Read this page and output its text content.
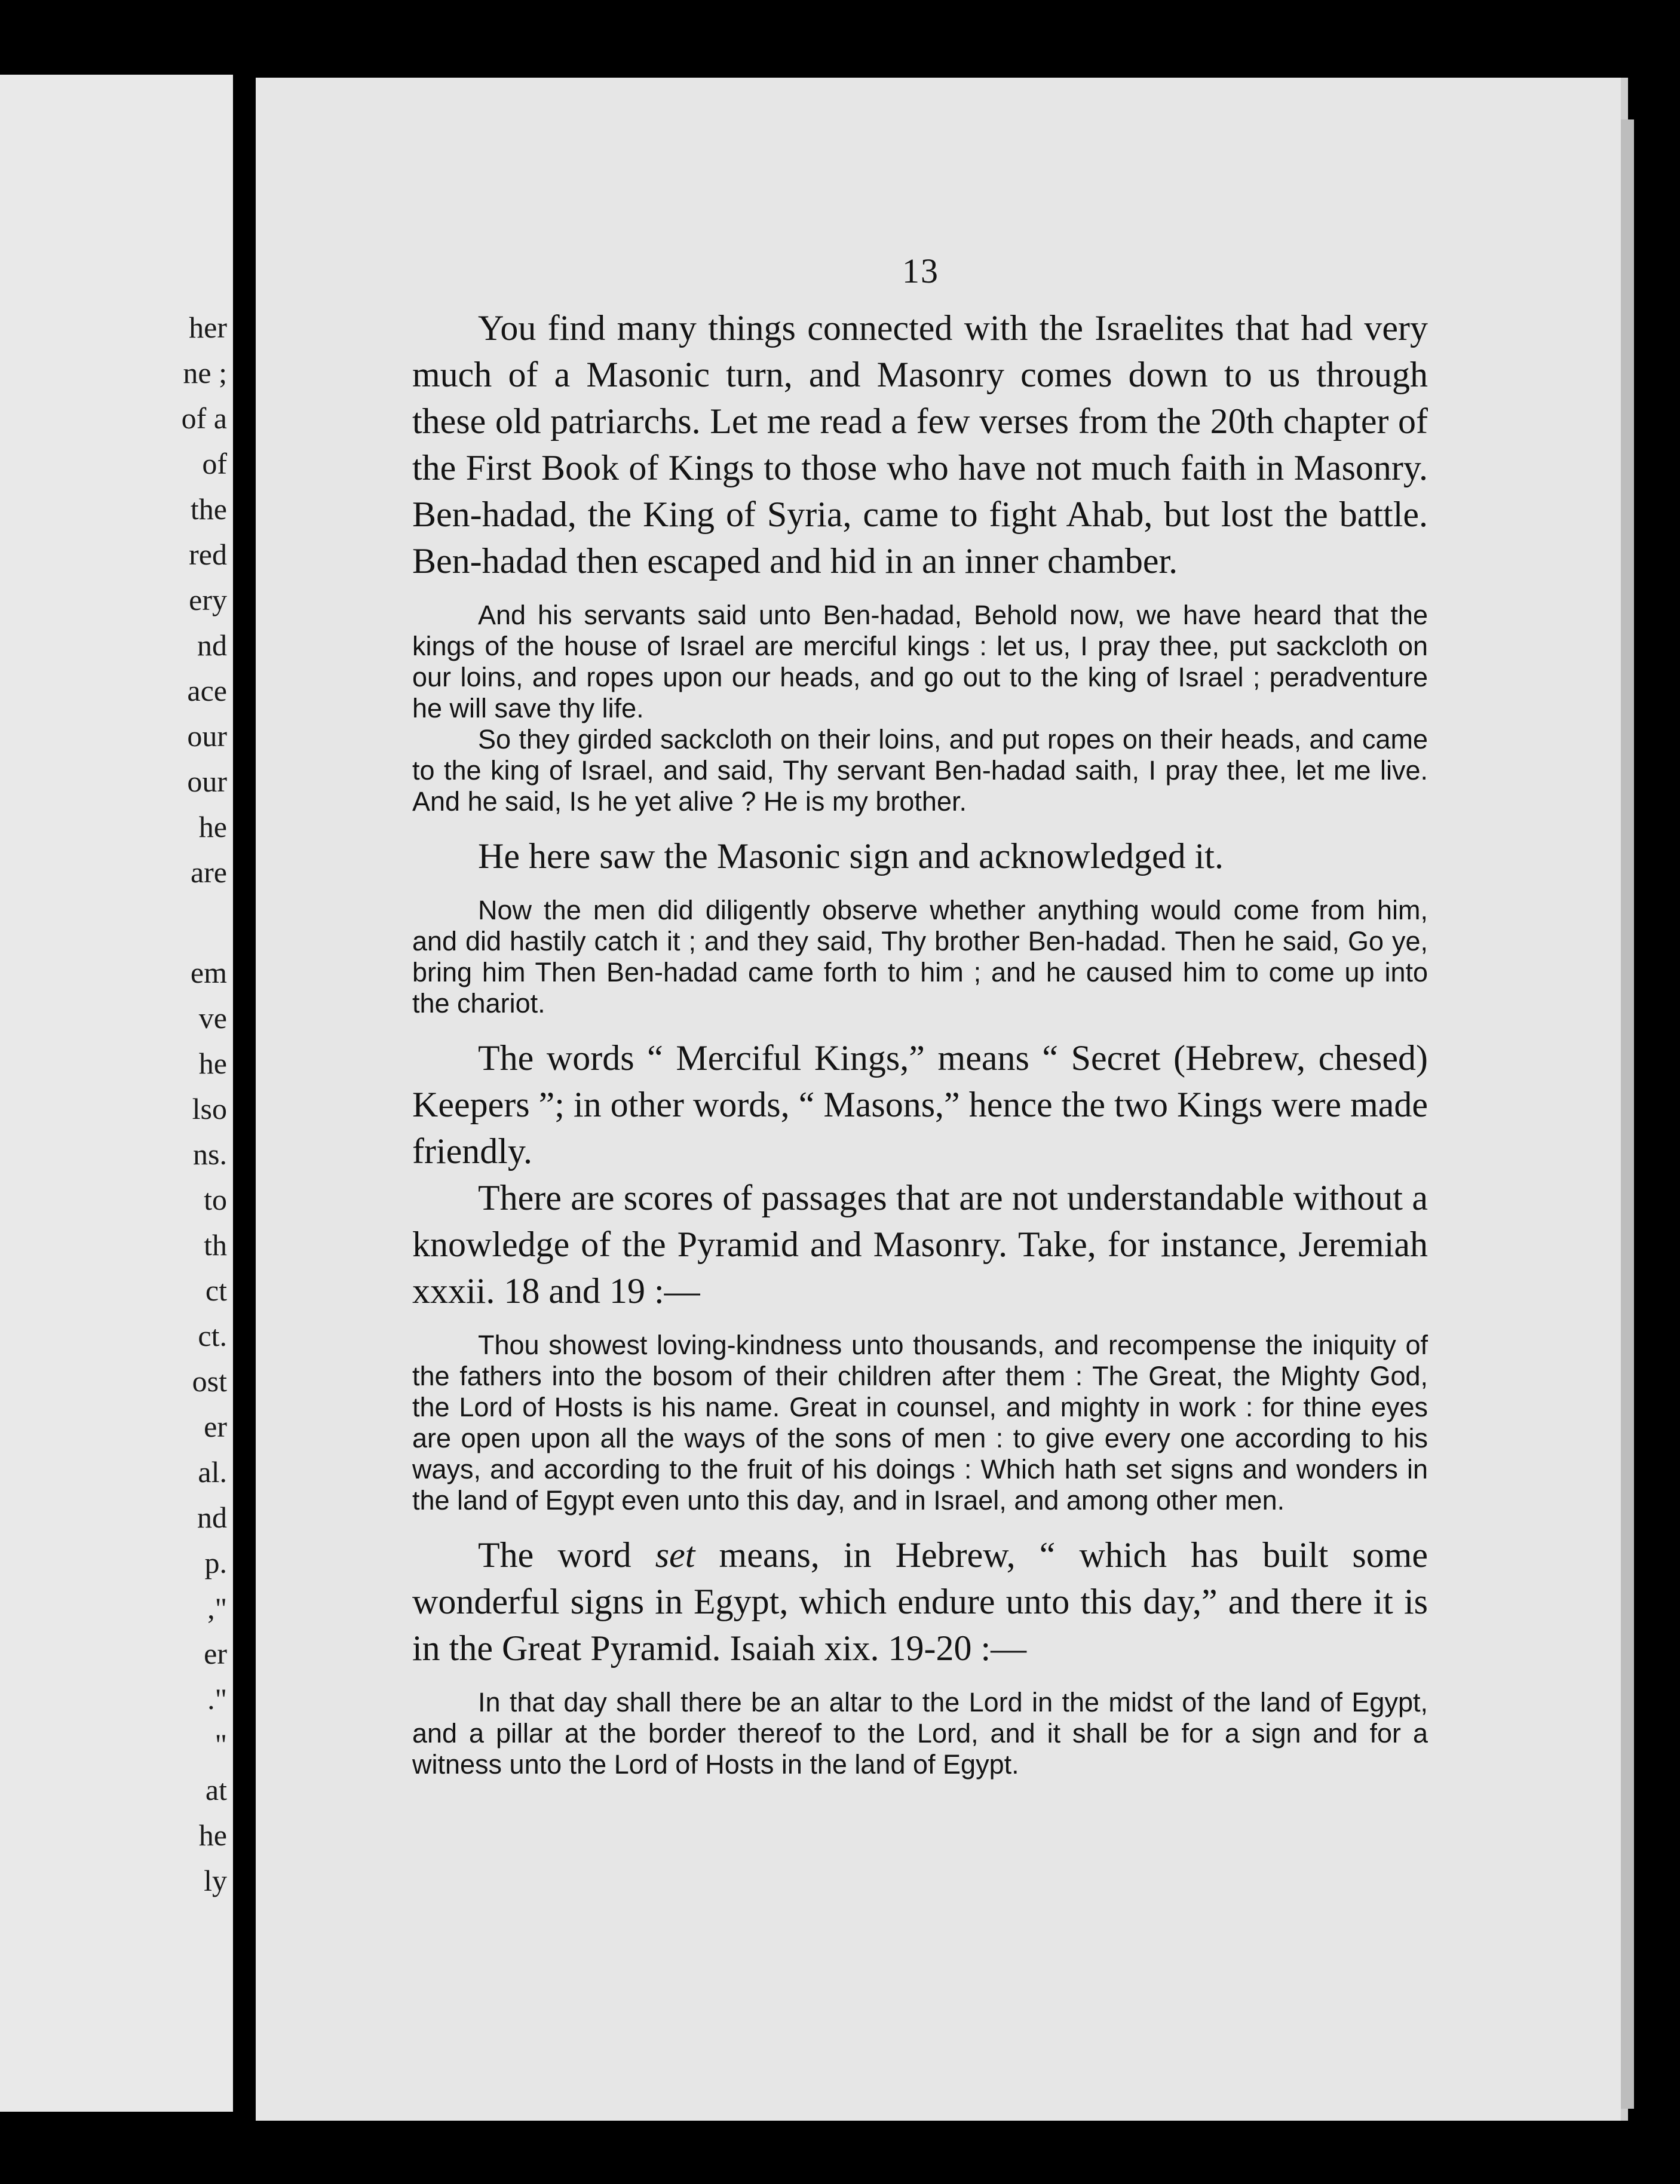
her
ne ;
of a
of
the
red
ery
nd
ace
our
our
he
are
em
ve
he
lso
ns.
to
th
ct
ct.
ost
er
al.
nd
p.
,"
er
."
"
at
he
ly
13

You find many things connected with the Israelites that had very much of a Masonic turn, and Masonry comes down to us through these old patriarchs. Let me read a few verses from the 20th chapter of the First Book of Kings to those who have not much faith in Masonry. Ben-hadad, the King of Syria, came to fight Ahab, but lost the battle. Ben-hadad then escaped and hid in an inner chamber.

And his servants said unto Ben-hadad, Behold now, we have heard that the kings of the house of Israel are merciful kings : let us, I pray thee, put sackcloth on our loins, and ropes upon our heads, and go out to the king of Israel ; peradventure he will save thy life.

So they girded sackcloth on their loins, and put ropes on their heads, and came to the king of Israel, and said, Thy servant Ben-hadad saith, I pray thee, let me live. And he said, Is he yet alive ? He is my brother.

He here saw the Masonic sign and acknowledged it.

Now the men did diligently observe whether anything would come from him, and did hastily catch it ; and they said, Thy brother Ben-hadad. Then he said, Go ye, bring him Then Ben-hadad came forth to him ; and he caused him to come up into the chariot.

The words “ Merciful Kings,” means “ Secret (Hebrew, chesed) Keepers ”; in other words, “ Masons,” hence the two Kings were made friendly.

There are scores of passages that are not understandable without a knowledge of the Pyramid and Masonry. Take, for instance, Jeremiah xxxii. 18 and 19 :—

Thou showest loving-kindness unto thousands, and recompense the iniquity of the fathers into the bosom of their children after them : The Great, the Mighty God, the Lord of Hosts is his name. Great in counsel, and mighty in work : for thine eyes are open upon all the ways of the sons of men : to give every one according to his ways, and according to the fruit of his doings : Which hath set signs and wonders in the land of Egypt even unto this day, and in Israel, and among other men.

The word set means, in Hebrew, “ which has built some wonderful signs in Egypt, which endure unto this day,” and there it is in the Great Pyramid. Isaiah xix. 19-20 :—

In that day shall there be an altar to the Lord in the midst of the land of Egypt, and a pillar at the border thereof to the Lord, and it shall be for a sign and for a witness unto the Lord of Hosts in the land of Egypt.
